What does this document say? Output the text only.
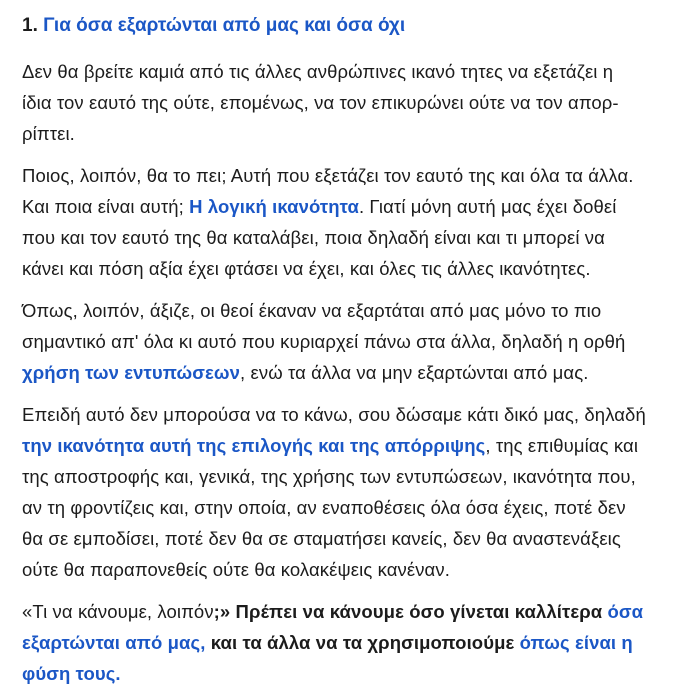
1. Για όσα εξαρτώνται από μας και όσα όχι
Δεν θα βρείτε καμιά από τις άλλες ανθρώπινες ικανό τητες να εξετάζει η
ίδια τον εαυτό της ούτε, επομένως, να τον επικυρώνει ούτε να τον απορ-
ρίπτει.
Ποιος, λοιπόν, θα το πει; Αυτή που εξετάζει τον εαυτό της και όλα τα άλλα.
Και ποια είναι αυτή; Η λογική ικανότητα. Γιατί μόνη αυτή μας έχει δοθεί
που και τον εαυτό της θα καταλάβει, ποια δηλαδή είναι και τι μπορεί να
κάνει και πόση αξία έχει φτάσει να έχει, και όλες τις άλλες ικανότητες.
Όπως, λοιπόν, άξιζε, οι θεοί έκαναν να εξαρτάται από μας μόνο το πιο
σημαντικό απ' όλα κι αυτό που κυριαρχεί πάνω στα άλλα, δηλαδή η ορθή
χρήση των εντυπώσεων, ενώ τα άλλα να μην εξαρτώνται από μας.
Επειδή αυτό δεν μπορούσα να το κάνω, σου δώσαμε κάτι δικό μας, δηλαδή
την ικανότητα αυτή της επιλογής και της απόρριψης, της επιθυμίας και
της αποστροφής και, γενικά, της χρήσης των εντυπώσεων, ικανότητα που,
αν τη φροντίζεις και, στην οποία, αν εναποθέσεις όλα όσα έχεις, ποτέ δεν
θα σε εμποδίσει, ποτέ δεν θα σε σταματήσει κανείς, δεν θα αναστενάξεις
ούτε θα παραπονεθείς ούτε θα κολακέψεις κανέναν.
«Τι να κάνουμε, λοιπόν;» Πρέπει να κάνουμε όσο γίνεται καλλίτερα όσα
εξαρτώνται από μας, και τα άλλα να τα χρησιμοποιούμε όπως είναι η
φύση τους.
